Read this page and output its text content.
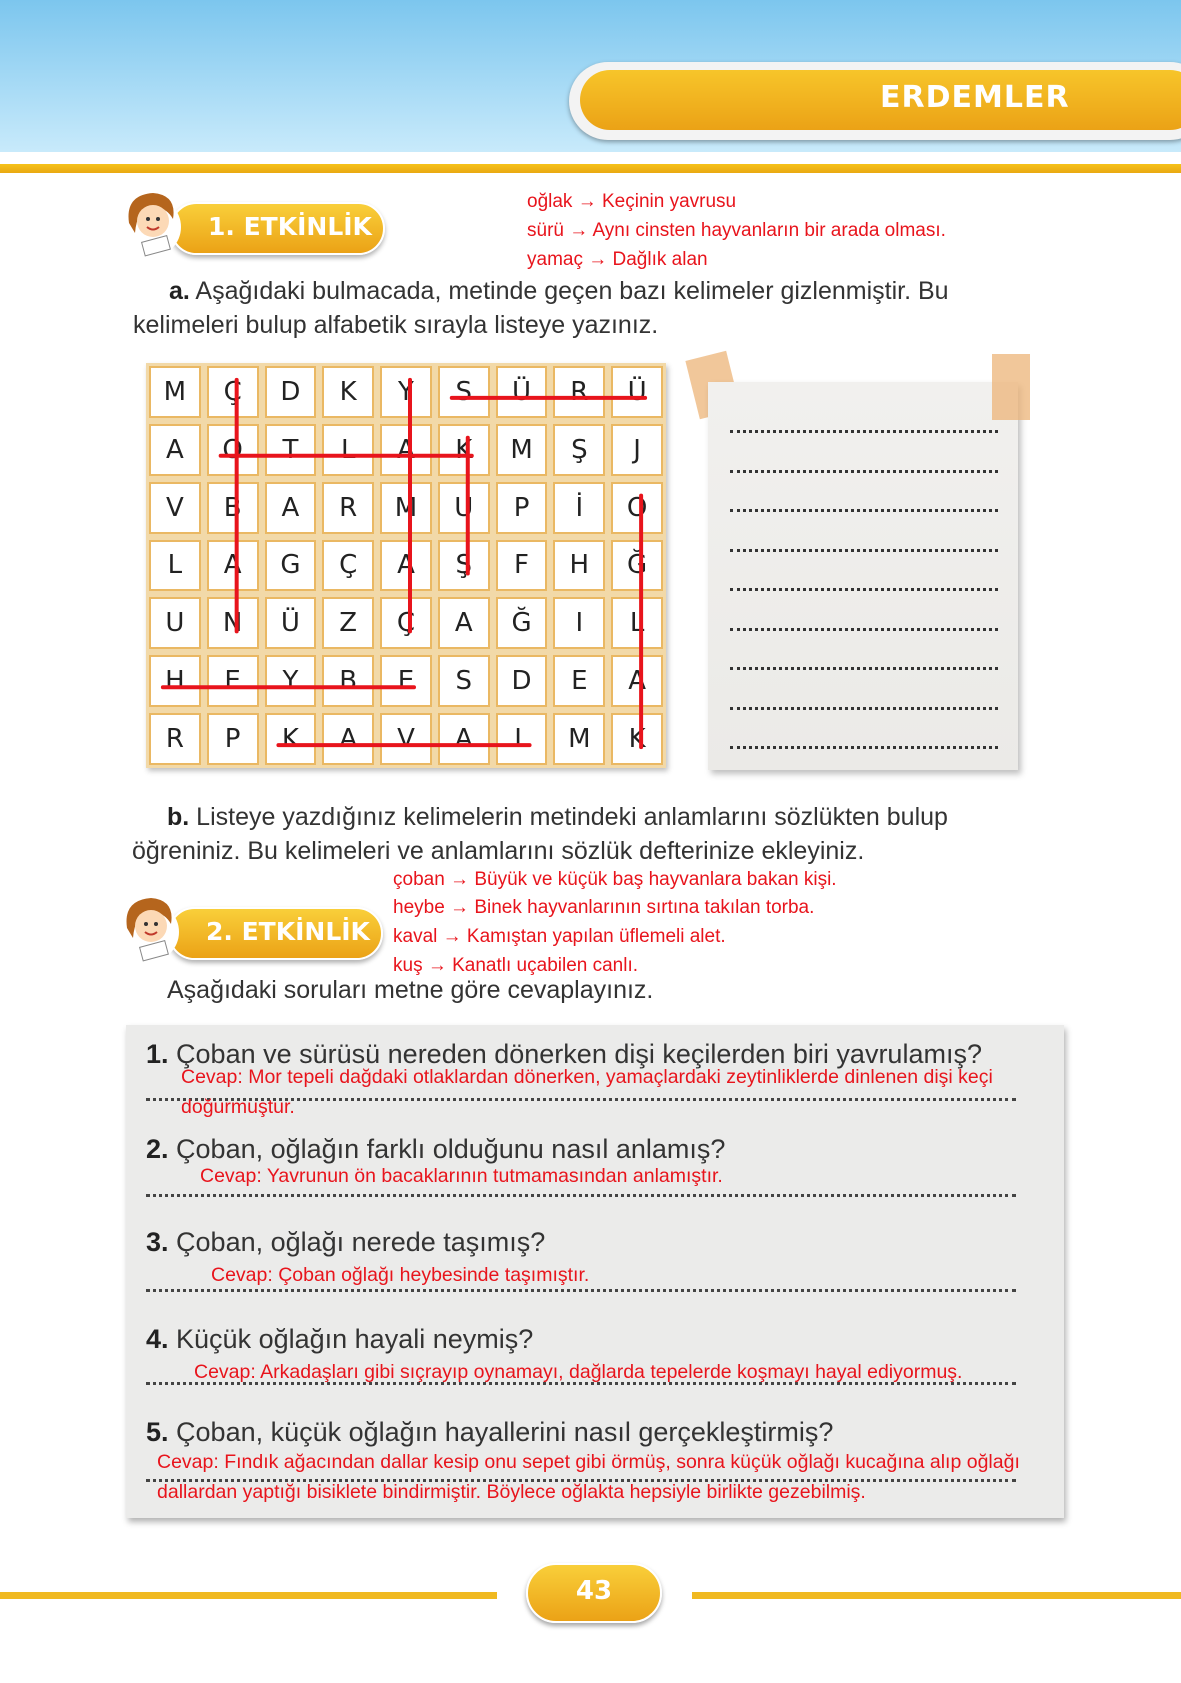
ERDEMLER
1. ETKİNLİK
oğlak → Keçinin yavrusu
sürü → Aynı cinsten hayvanların bir arada olması.
yamaç → Dağlık alan
a. Aşağıdaki bulmacada, metinde geçen bazı kelimeler gizlenmiştir. Bu
kelimeleri bulup alfabetik sırayla listeye yazınız.
M	Ç	D	K	Y	S	Ü	R	Ü
A	O	T	L	A	K	M	Ş	J
V	B	A	R	M	U	P	İ	O
L	A	G	Ç	A	Ş	F	H	Ğ
U	N	Ü	Z	Ç	A	Ğ	I	L
H	E	Y	B	E	S	D	E	A
R	P	K	A	V	A	L	M	K
b. Listeye yazdığınız kelimelerin metindeki anlamlarını sözlükten bulup
öğreniniz. Bu kelimeleri ve anlamlarını sözlük defterinize ekleyiniz.
2. ETKİNLİK
çoban → Büyük ve küçük baş hayvanlara bakan kişi.
heybe → Binek hayvanlarının sırtına takılan torba.
kaval → Kamıştan yapılan üflemeli alet.
kuş → Kanatlı uçabilen canlı.
Aşağıdaki soruları metne göre cevaplayınız.
1. Çoban ve sürüsü nereden dönerken dişi keçilerden biri yavrulamış?
Cevap: Mor tepeli dağdaki otlaklardan dönerken, yamaçlardaki zeytinliklerde dinlenen dişi keçi
doğurmuştur.
2. Çoban, oğlağın farklı olduğunu nasıl anlamış?
Cevap: Yavrunun ön bacaklarının tutmamasından anlamıştır.
3. Çoban, oğlağı nerede taşımış?
Cevap: Çoban oğlağı heybesinde taşımıştır.
4. Küçük oğlağın hayali neymiş?
Cevap: Arkadaşları gibi sıçrayıp oynamayı, dağlarda tepelerde koşmayı hayal ediyormuş.
5. Çoban, küçük oğlağın hayallerini nasıl gerçekleştirmiş?
Cevap: Fındık ağacından dallar kesip onu sepet gibi örmüş, sonra küçük oğlağı kucağına alıp oğlağı
dallardan yaptığı bisiklete bindirmiştir. Böylece oğlakta hepsiyle birlikte gezebilmiş.
43
